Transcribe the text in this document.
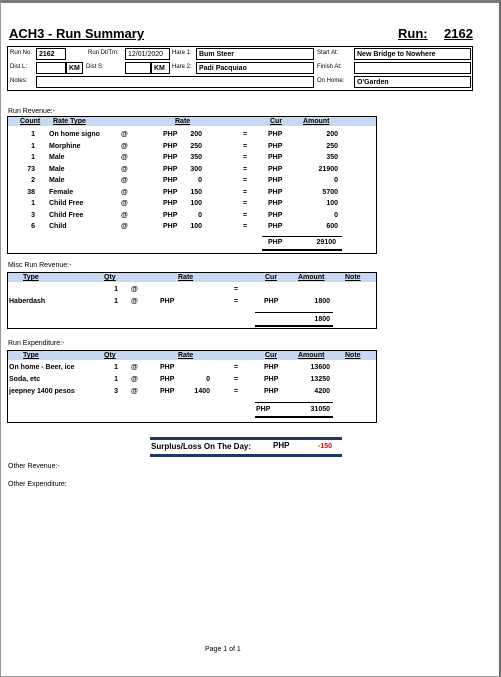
ACH3 - Run Summary	Run: 2162
Run No: 2162	Run Dt/Tm:	12/01/2020	Hare 1:	Bum Steer	Start At:	New Bridge to Nowhere
Dist L:	KM	Dist S:	KM	Hare 2:	Padi Pacquiao	Finish At:
Notes:	On Home:	O'Garden
Run Revenue:-
Count Rate Type	Rate	Cur	Amount
1 On home signo	@	PHP	200	=	PHP	200
1 Morphine	@	PHP	250	=	PHP	250
1 Male	@	PHP	350	=	PHP	350
73 Male	@	PHP	300	=	PHP	21900
2 Male	@	PHP	0	=	PHP	0
38 Female	@	PHP	150	=	PHP	5700
1 Child Free	@	PHP	100	=	PHP	100
3 Child Free	@	PHP	0	=	PHP	0
6 Child	@	PHP	100	=	PHP	600
PHP	29100
Misc Run Revenue:-
Type	Qty	Rate	Cur	Amount	Note
1 @	=
Haberdash	1 @	PHP	=	PHP	1800
1800
Run Expenditure:-
Type	Qty	Rate	Cur	Amount	Note
On home - Beer, ice	1 @	PHP	=	PHP	13600
Soda, etc	1 @	PHP	0	=	PHP	13250
jeepney 1400 pesos	3 @	PHP	1400	=	PHP	4200
PHP	31050
Surplus/Loss On The Day:	PHP	-150
Other Revenue:-
Other Expenditure:
Page 1 of 1
